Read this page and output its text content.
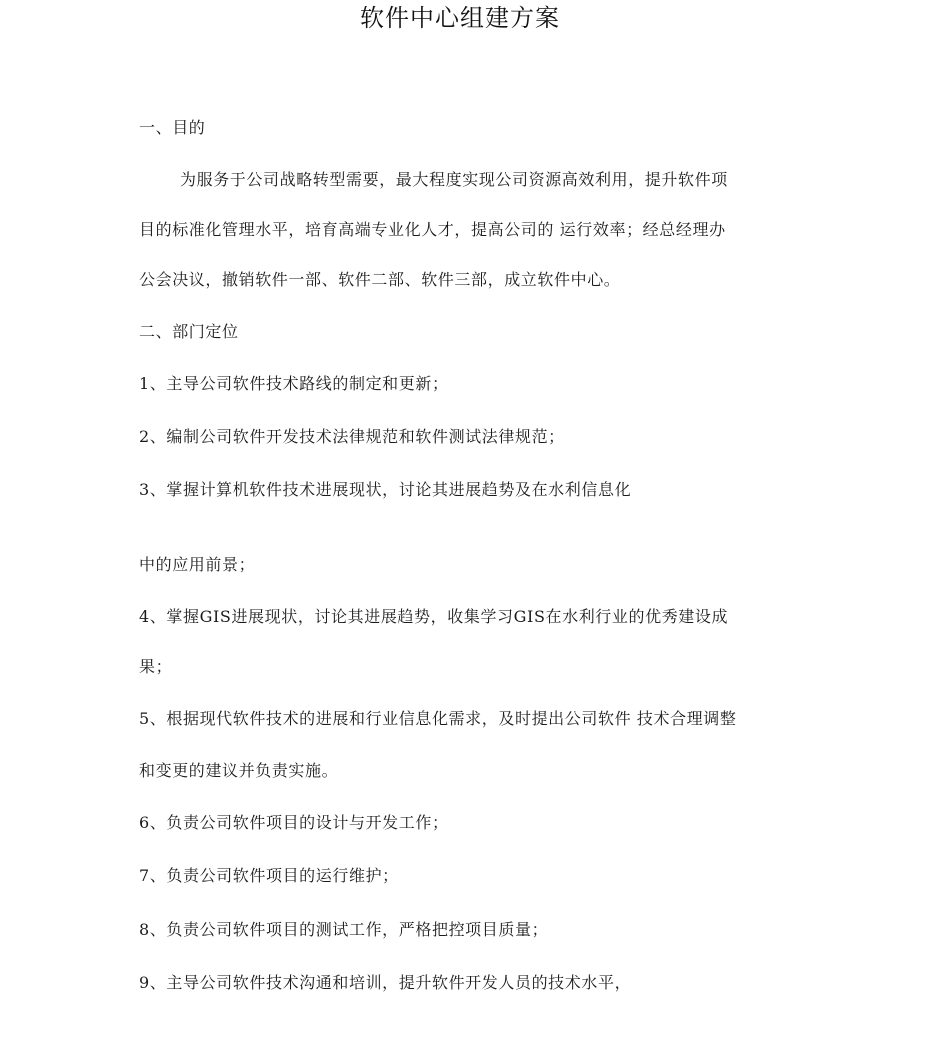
软件中心组建方案
一、目的
为服务于公司战略转型需要，最大程度实现公司资源高效利用，提升软件项
目的标准化管理水平，培育高端专业化人才，提高公司的 运行效率；经总经理办
公会决议，撤销软件一部、软件二部、软件三部，成立软件中心。
二、部门定位
1、主导公司软件技术路线的制定和更新；
2、编制公司软件开发技术法律规范和软件测试法律规范；
3、掌握计算机软件技术进展现状，讨论其进展趋势及在水利信息化
中的应用前景；
4、掌握GIS进展现状，讨论其进展趋势，收集学习GIS在水利行业的优秀建设成
果；
5、根据现代软件技术的进展和行业信息化需求，及时提出公司软件 技术合理调整
和变更的建议并负责实施。
6、负责公司软件项目的设计与开发工作；
7、负责公司软件项目的运行维护；
8、负责公司软件项目的测试工作，严格把控项目质量；
9、主导公司软件技术沟通和培训，提升软件开发人员的技术水平，
